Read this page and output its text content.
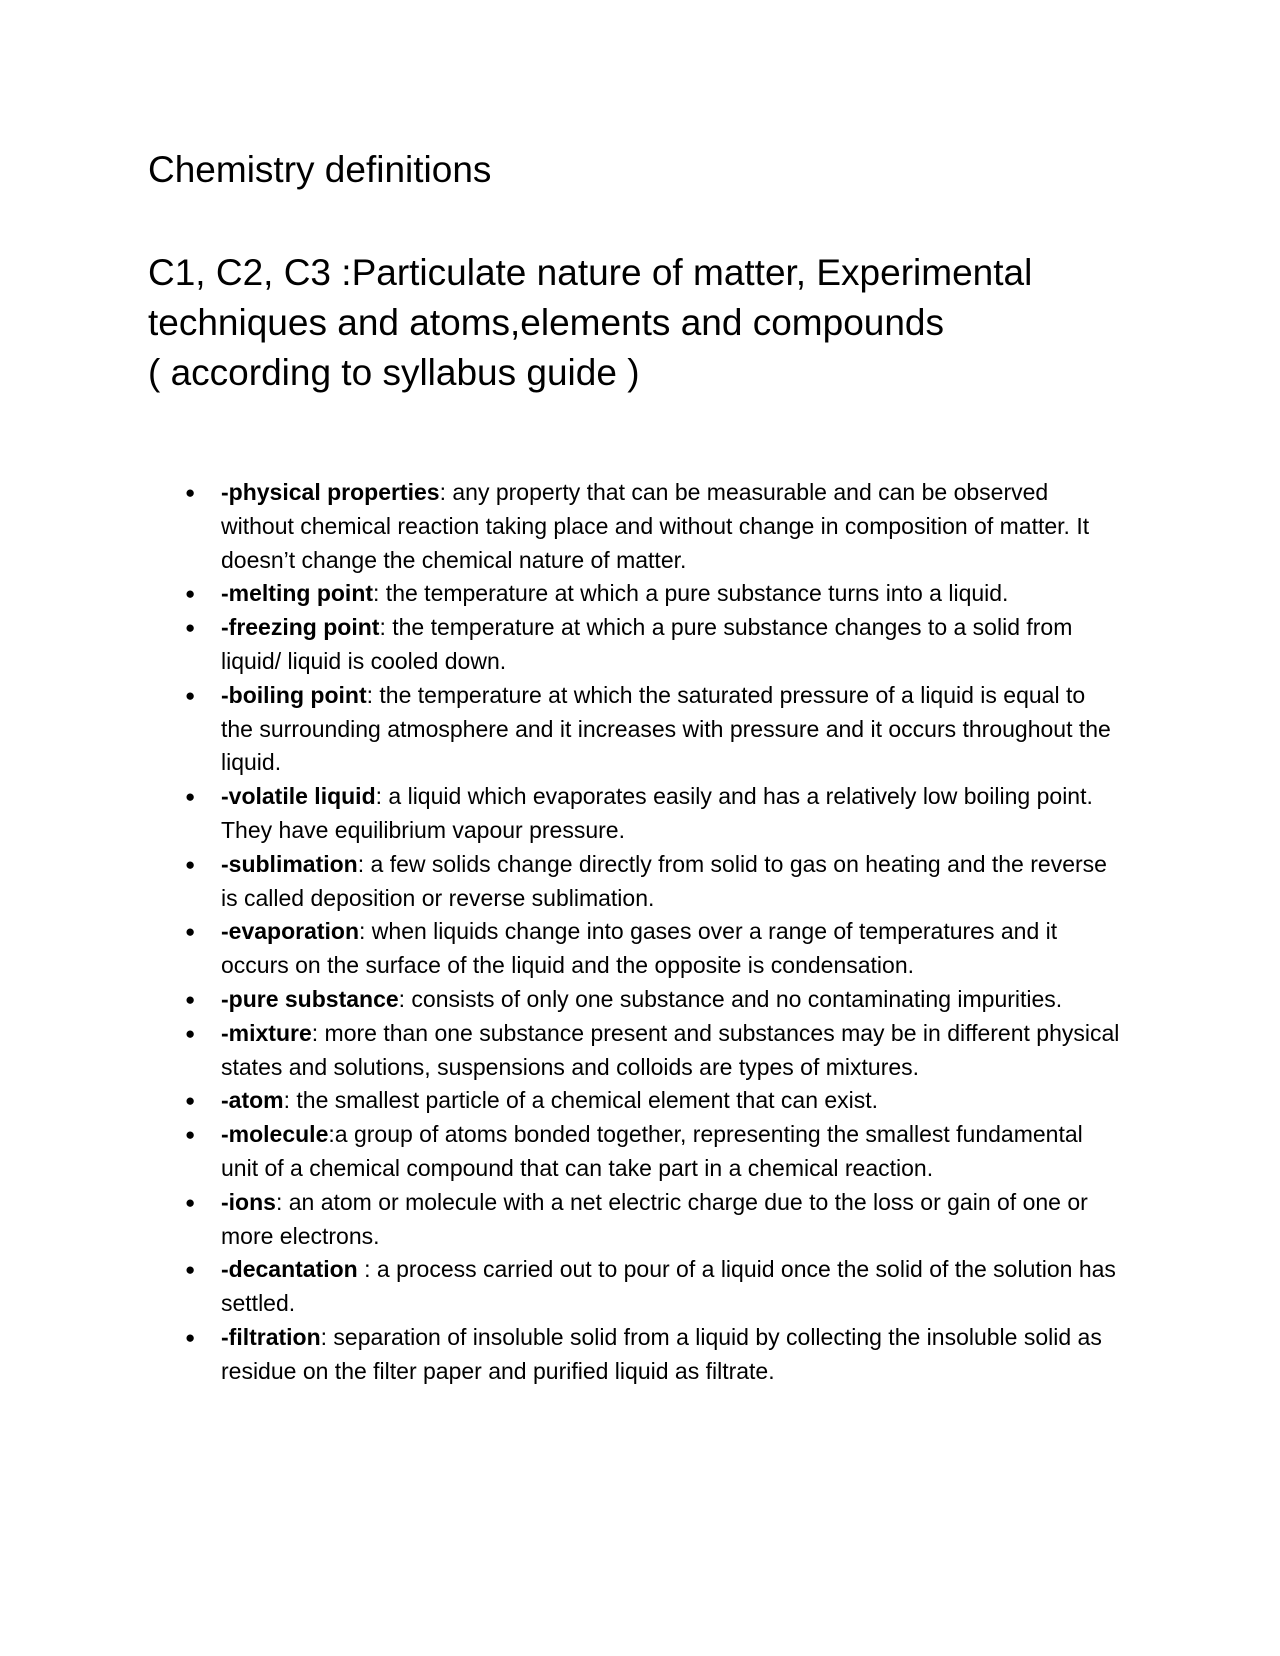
Chemistry definitions
C1, C2, C3 :Particulate nature of matter, Experimental
techniques and atoms,elements and compounds
( according to syllabus guide )
● -physical properties: any property that can be measurable and can be observed without chemical reaction taking place and without change in composition of matter. It doesn’t change the chemical nature of matter.
● -melting point: the temperature at which a pure substance turns into a liquid.
● -freezing point: the temperature at which a pure substance changes to a solid from liquid/ liquid is cooled down.
● -boiling point: the temperature at which the saturated pressure of a liquid is equal to the surrounding atmosphere and it increases with pressure and it occurs throughout the liquid.
● -volatile liquid: a liquid which evaporates easily and has a relatively low boiling point. They have equilibrium vapour pressure.
● -sublimation: a few solids change directly from solid to gas on heating and the reverse is called deposition or reverse sublimation.
● -evaporation: when liquids change into gases over a range of temperatures and it occurs on the surface of the liquid and the opposite is condensation.
● -pure substance: consists of only one substance and no contaminating impurities.
● -mixture: more than one substance present and substances may be in different physical states and solutions, suspensions and colloids are types of mixtures.
● -atom: the smallest particle of a chemical element that can exist.
● -molecule:a group of atoms bonded together, representing the smallest fundamental unit of a chemical compound that can take part in a chemical reaction.
● -ions: an atom or molecule with a net electric charge due to the loss or gain of one or more electrons.
● -decantation : a process carried out to pour of a liquid once the solid of the solution has settled.
● -filtration: separation of insoluble solid from a liquid by collecting the insoluble solid as residue on the filter paper and purified liquid as filtrate.
